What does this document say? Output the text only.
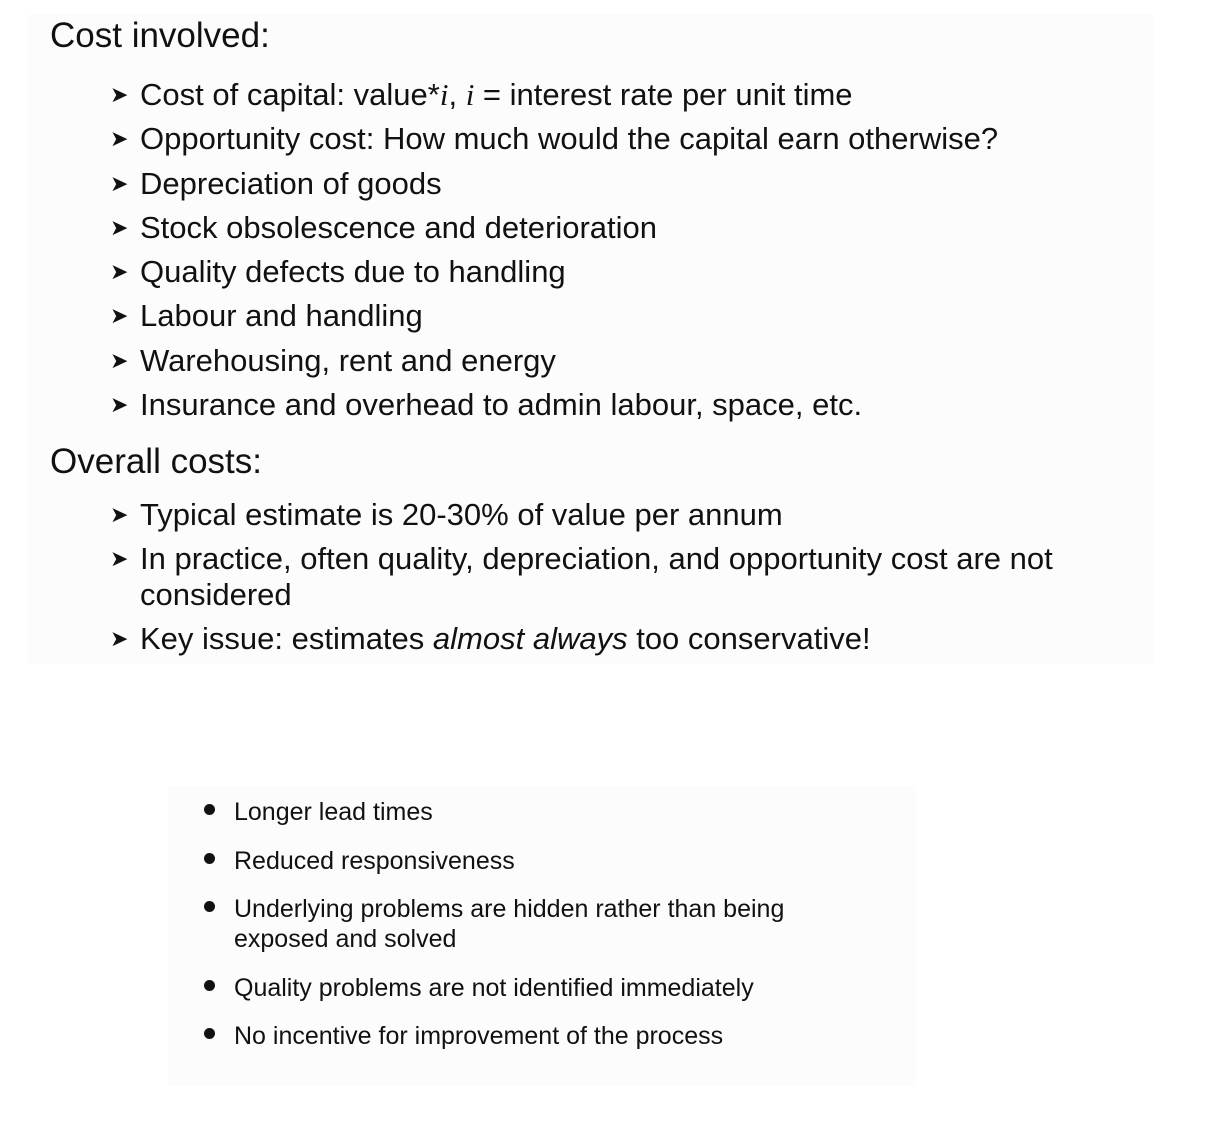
Cost involved:
➤ Cost of capital: value*i, i = interest rate per unit time
➤ Opportunity cost: How much would the capital earn otherwise?
➤ Depreciation of goods
➤ Stock obsolescence and deterioration
➤ Quality defects due to handling
➤ Labour and handling
➤ Warehousing, rent and energy
➤ Insurance and overhead to admin labour, space, etc.
Overall costs:
➤ Typical estimate is 20-30% of value per annum
➤ In practice, often quality, depreciation, and opportunity cost are not considered
➤ Key issue: estimates almost always too conservative!
Longer lead times
Reduced responsiveness
Underlying problems are hidden rather than being exposed and solved
Quality problems are not identified immediately
No incentive for improvement of the process
